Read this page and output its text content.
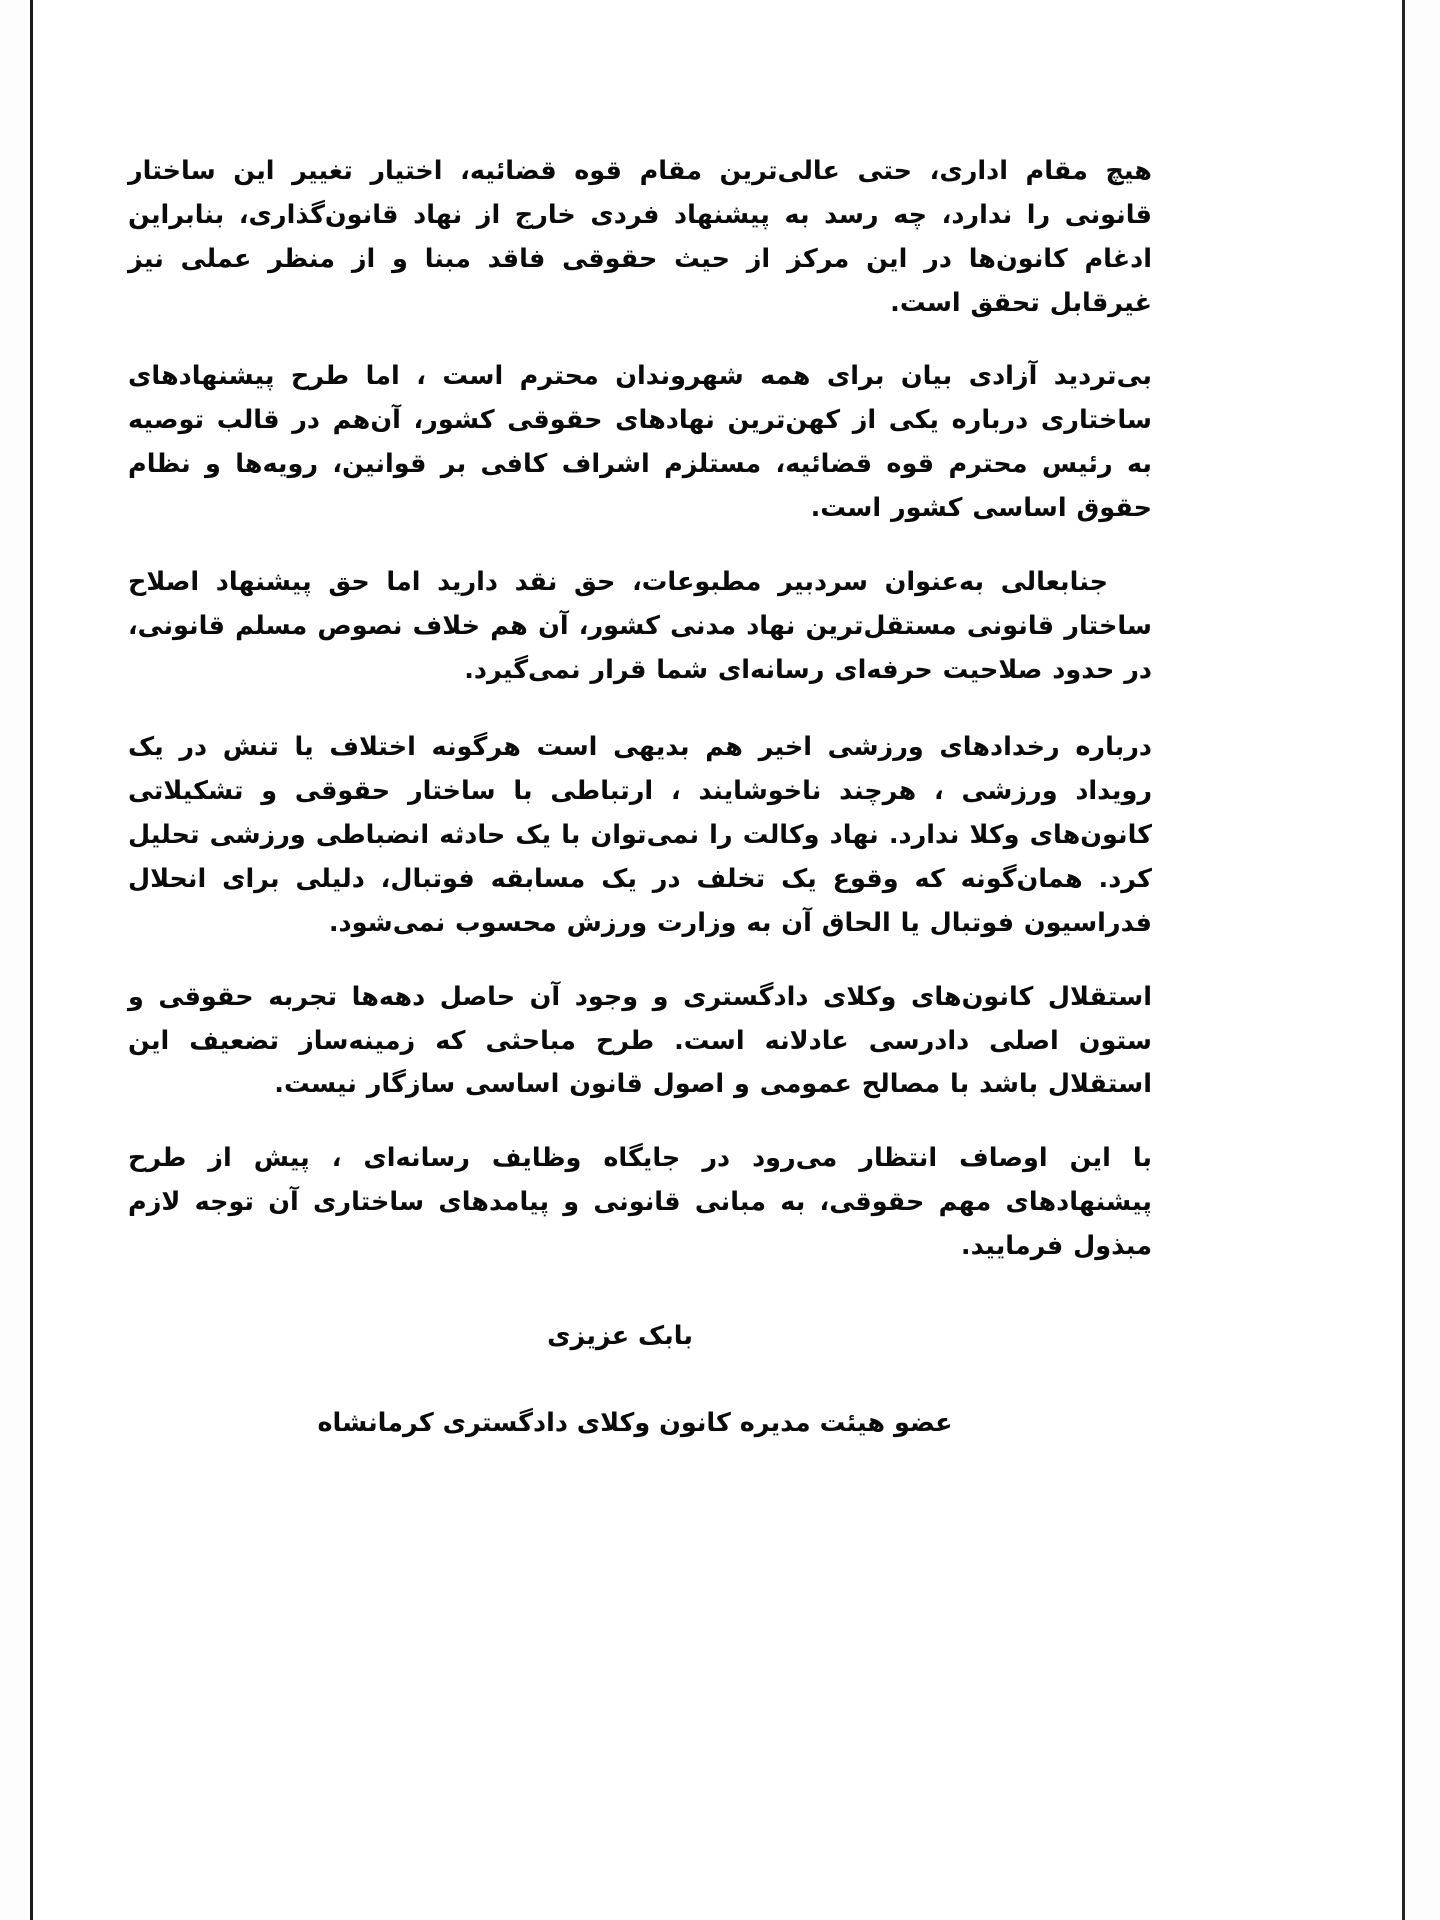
هیچ مقام اداری، حتی عالی‌ترین مقام قوه قضائیه، اختیار تغییر این ساختار قانونی را ندارد، چه رسد به پیشنهاد فردی خارج از نهاد قانون‌گذاری، بنابراین ادغام کانون‌ها در این مرکز از حیث حقوقی فاقد مبنا و از منظر عملی نیز غیرقابل تحقق است.

بی‌تردید آزادی بیان برای همه شهروندان محترم است ، اما طرح پیشنهادهای ساختاری درباره یکی از کهن‌ترین نهادهای حقوقی کشور، آن‌هم در قالب توصیه به رئیس محترم قوه قضائیه، مستلزم اشراف کافی بر قوانین، رویه‌ها و نظام حقوق اساسی کشور است.

جنابعالی به‌عنوان سردبیر مطبوعات، حق نقد دارید اما حق پیشنهاد اصلاح ساختار قانونی مستقل‌ترین نهاد مدنی کشور، آن هم خلاف نصوص مسلم قانونی، در حدود صلاحیت حرفه‌ای رسانه‌ای شما قرار نمی‌گیرد.

درباره رخدادهای ورزشی اخیر هم بدیهی است هرگونه اختلاف یا تنش در یک رویداد ورزشی ، هرچند ناخوشایند ، ارتباطی با ساختار حقوقی و تشکیلاتی کانون‌های وکلا ندارد. نهاد وکالت را نمی‌توان با یک حادثه انضباطی ورزشی تحلیل کرد. همان‌گونه که وقوع یک تخلف در یک مسابقه فوتبال، دلیلی برای انحلال فدراسیون فوتبال یا الحاق آن به وزارت ورزش محسوب نمی‌شود.

استقلال کانون‌های وکلای دادگستری و وجود آن حاصل دهه‌ها تجربه حقوقی و ستون اصلی دادرسی عادلانه است. طرح مباحثی که زمینه‌ساز تضعیف این استقلال باشد با مصالح عمومی و اصول قانون اساسی سازگار نیست.

با این اوصاف انتظار می‌رود در جایگاه وظایف رسانه‌ای ، پیش از طرح پیشنهادهای مهم حقوقی، به مبانی قانونی و پیامدهای ساختاری آن توجه لازم مبذول فرمایید.

بابک عزیزی

عضو هیئت مدیره کانون وکلای دادگستری کرمانشاه
